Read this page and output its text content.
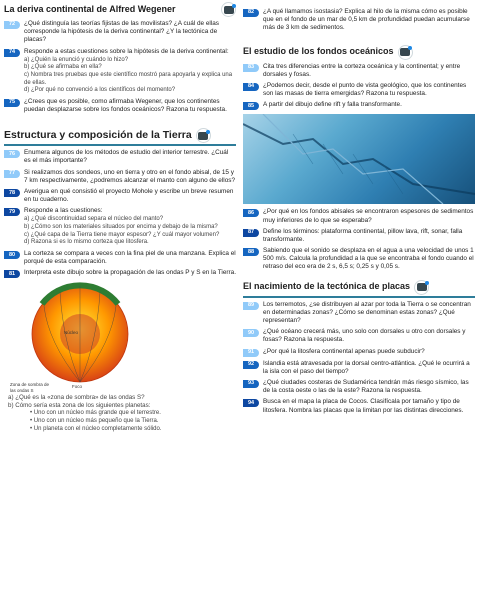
La deriva continental de Alfred Wegener
72	¿Qué distinguía las teorías fijistas de las movilistas? ¿A cuál de ellas corresponde la hipótesis de la deriva continental? ¿Y la tectónica de placas?
74	Responde a estas cuestiones sobre la hipótesis de la deriva continental:
a) ¿Quién la enunció y cuándo lo hizo?
b) ¿Qué se afirmaba en ella?
c) Nombra tres pruebas que este científico mostró para apoyarla y explica una de ellas.
d) ¿Por qué no convenció a los científicos del momento?
75	¿Crees que es posible, como afirmaba Wegener, que los continentes puedan desplazarse sobre los fondos oceánicos? Razona tu respuesta.
Estructura y composición de la Tierra
76	Enumera algunos de los métodos de estudio del interior terrestre. ¿Cuál es el más importante?
77	Si realizamos dos sondeos, uno en tierra y otro en el fondo abisal, de 15 y 7 km respectivamente, ¿podremos alcanzar el manto con alguno de ellos?
78	Averigua en qué consistió el proyecto Mohole y escribe un breve resumen en tu cuaderno.
79	Responde a las cuestiones:
a) ¿Qué discontinuidad separa el núcleo del manto?
b) ¿Cómo son los materiales situados por encima y debajo de la misma?
c) ¿Qué capa de la Tierra tiene mayor espesor? ¿Y cuál mayor volumen?
d) Razona si es lo mismo corteza que litosfera.
80	La corteza se compara a veces con la fina piel de una manzana. Explica el porqué de esta comparación.
81	Interpreta este dibujo sobre la propagación de las ondas P y S en la Tierra.
Núcleo
Foco
Zona de sombra de las ondas S
a) ¿Qué es la «zona de sombra» de las ondas S?
b) Cómo sería esta zona de los siguientes planetas:
• Uno con un núcleo más grande que el terrestre.
• Uno con un núcleo más pequeño que la Tierra.
• Un planeta con el núcleo completamente sólido.
82	¿A qué llamamos isostasia? Explica al hilo de la misma cómo es posible que en el fondo de un mar de 0,5 km de profundidad puedan acumularse más de 3 km de sedimentos.
El estudio de los fondos oceánicos
83	Cita tres diferencias entre la corteza oceánica y la continental; y entre dorsales y fosas.
84	¿Podemos decir, desde el punto de vista geológico, que los continentes son las masas de tierra emergidas? Razona tu respuesta.
85	A partir del dibujo define rift y falla transformante.
86	¿Por qué en los fondos abisales se encontraron espesores de sedimentos muy inferiores de lo que se esperaba?
87	Define los términos: plataforma continental, pillow lava, rift, sonar, falla transformante.
88	Sabiendo que el sonido se desplaza en el agua a una velocidad de unos 1 500 m/s. Calcula la profundidad a la que se encontraba el fondo cuando el retraso del eco era de 2 s, 6,5 s; 0,25 s y 0,05 s.
El nacimiento de la tectónica de placas
89	Los terremotos, ¿se distribuyen al azar por toda la Tierra o se concentran en determinadas zonas? ¿Cómo se denominan estas zonas? ¿Qué representan?
90	¿Qué océano crecerá más, uno solo con dorsales u otro con dorsales y fosas? Razona la respuesta.
91	¿Por qué la litosfera continental apenas puede subducir?
92	Islandia está atravesada por la dorsal centro-atlántica. ¿Qué le ocurrirá a la isla con el paso del tiempo?
93	¿Qué ciudades costeras de Sudamérica tendrán más riesgo sísmico, las de la costa oeste o las de la este? Razona la respuesta.
94	Busca en el mapa la placa de Cocos. Clasifícala por tamaño y tipo de litosfera. Nombra las placas que la limitan por las distintas direcciones.
